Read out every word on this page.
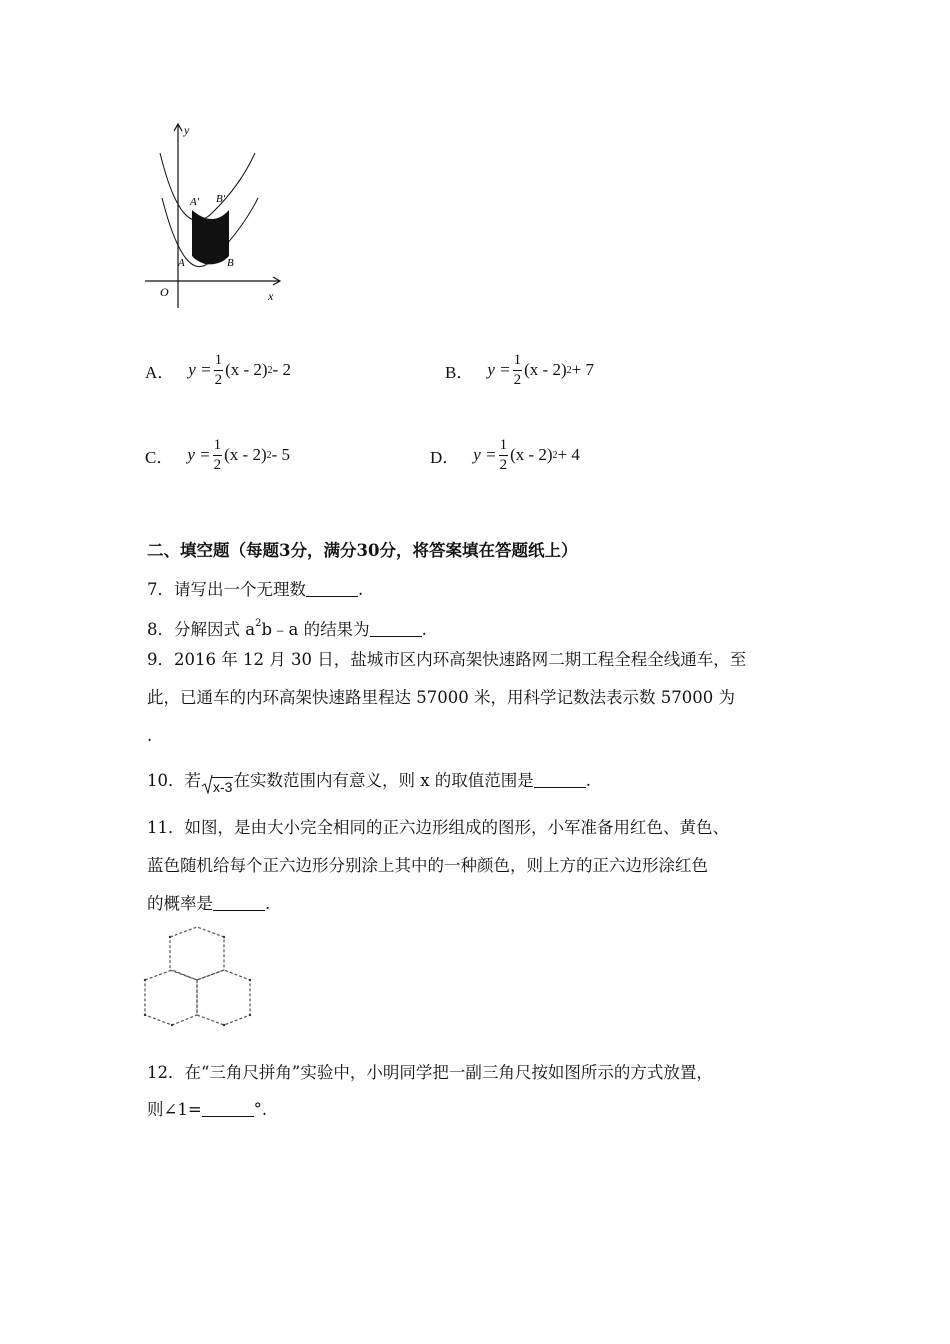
y
x
O
A' B'
A	B
A． $y = \frac{1}{2} (x - 2)$ 2 - 2	B． $y = \frac{1}{2} (x - 2) 2 + 7$
C． $y = \frac{1}{2} (x - 2)$ 2 - 5	D． $y = \frac{1}{2} (x - 2) 2 + 4$
二、填空题（每题3分，满分30分，将答案填在答题纸上）
7．请写出一个无理数	.
8．分解因式 $a^2b﹣a$ 的结果为	.
9．2016 年 12 月 30 日，盐城市区内环高架快速路网二期工程全程全线通车，至
此，已通车的内环高架快速路里程达 57000 米，用科学记数法表示数 57000 为
.
10．若 x-3在实数范围内有意义，则 x 的取值范围是	.
11．如图，是由大小完全相同的正六边形组成的图形，小军准备用红色、黄色、
蓝色随机给每个正六边形分别涂上其中的一种颜色，则上方的正六边形涂红色
的概率是	.
12．在“三角尺拼角”实验中，小明同学把一副三角尺按如图所示的方式放置，
则∠1=	°.
